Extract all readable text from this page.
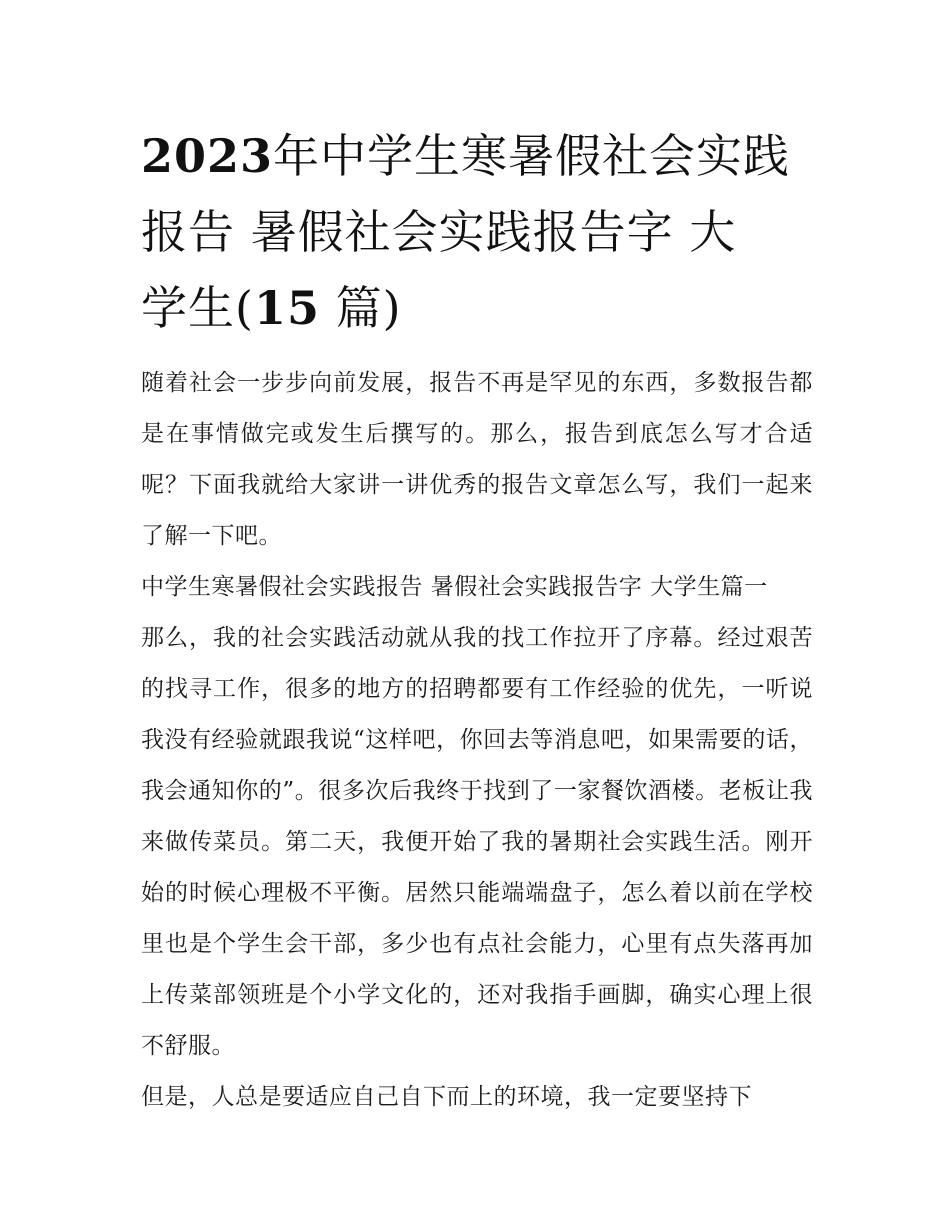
2023年中学生寒暑假社会实践
报告 暑假社会实践报告字 大
学生(15 篇)

随着社会一步步向前发展，报告不再是罕见的东西，多数报告都是在事情做完或发生后撰写的。那么，报告到底怎么写才合适呢？下面我就给大家讲一讲优秀的报告文章怎么写，我们一起来了解一下吧。

中学生寒暑假社会实践报告 暑假社会实践报告字 大学生篇一

那么，我的社会实践活动就从我的找工作拉开了序幕。经过艰苦的找寻工作，很多的地方的招聘都要有工作经验的优先，一听说我没有经验就跟我说“这样吧，你回去等消息吧，如果需要的话，我会通知你的”。很多次后我终于找到了一家餐饮酒楼。老板让我来做传菜员。第二天，我便开始了我的暑期社会实践生活。刚开始的时候心理极不平衡。居然只能端端盘子，怎么着以前在学校里也是个学生会干部，多少也有点社会能力，心里有点失落再加上传菜部领班是个小学文化的，还对我指手画脚，确实心理上很不舒服。

但是，人总是要适应自己自下而上的环境，我一定要坚持下
